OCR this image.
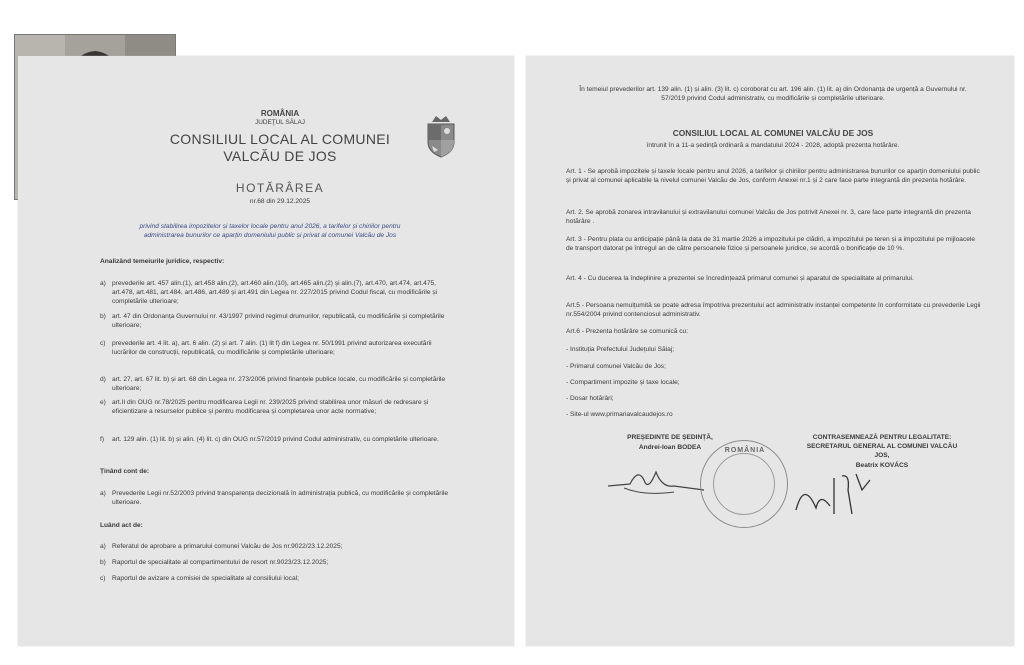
ROMÂNIA
JUDEŢUL SĂLAJ
CONSILIUL LOCAL AL COMUNEI
VALCĂU DE JOS
HOTĂRÂREA
nr.68 din 29.12.2025
privind stabilirea impozitelor și taxelor locale pentru anul 2026, a tarifelor și chiriilor pentru
administrarea bunurilor ce aparțin domeniului public și privat al comunei Valcău de Jos
Analizând temeiurile juridice, respectiv:
a) prevederile art. 457 alin.(1), art.458 alin.(2), art.460 alin.(10), art.465 alin.(2) și alin.(7), art.470, art.474, art.475, art.478, art.481, art.484, art.486, art.489 și art.491 din Legea nr. 227/2015 privind Codul fiscal, cu modificările și completările ulterioare;
b) art. 47 din Ordonanța Guvernului nr. 43/1997 privind regimul drumurilor, republicată, cu modificările și completările ulterioare;
c) prevederile art. 4 lit. a), art. 6 alin. (2) și art. 7 alin. (1) lit f) din Legea nr. 50/1991 privind autorizarea executării lucrărilor de construcții, republicată, cu modificările și completările ulterioare;
d) art. 27, art. 67 lit. b) și art. 68 din Legea nr. 273/2006 privind finanțele publice locale, cu modificările și completările ulterioare;
e) art.II din OUG nr.78/2025 pentru modificarea Legii nr. 239/2025 privind stabilirea unor măsuri de redresare și eficientizare a resurselor publice și pentru modificarea și completarea unor acte normative;
f) art. 129 alin. (1) lit. b) și alin. (4) lit. c) din OUG nr.57/2019 privind Codul administrativ, cu completările ulterioare.
Ținând cont de:
a) Prevederile Legii nr.52/2003 privind transparența decizională în administrația publică, cu modificările și completările ulterioare.
Luând act de:
a) Referatul de aprobare a primarului comunei Valcău de Jos nr.9022/23.12.2025;
b) Raportul de specialitate al compartimentului de resort nr.9023/23.12.2025;
c) Raportul de avizare a comisiei de specialitate al consiliului local;
În temeiul prevederilor art. 139 alin. (1) și alin. (3) lit. c) coroborat cu art. 196 alin. (1) lit. a) din Ordonanța de urgență a Guvernului nr. 57/2019 privind Codul administrativ, cu modificările și completările ulterioare.
CONSILIUL LOCAL AL COMUNEI VALCĂU DE JOS
întrunit în a 11-a ședință ordinară a mandatului 2024 - 2028, adoptă prezenta hotărâre.
Art. 1 - Se aprobă impozitele și taxele locale pentru anul 2026, a tarifelor și chiriilor pentru administrarea bunurilor ce aparțin domeniului public și privat al comunei aplicabile la nivelul comunei Valcău de Jos, conform Anexei nr.1 și 2 care face parte integrantă din prezenta hotărâre.
Art. 2. Se aprobă zonarea intravilanului și extravilanului comunei Valcău de Jos potrivit Anexei nr. 3, care face parte integrantă din prezenta hotărâre .
Art. 3 - Pentru plata cu anticipație până la data de 31 martie 2026 a impozitului pe clădiri, a impozitului pe teren și a impozitului pe mijloacele de transport datorat pe întregul an de către persoanele fizice și persoanele juridice, se acordă o bonificație de 10 %.
Art. 4 - Cu ducerea la îndeplinire a prezentei se încredințează primarul comunei și aparatul de specialitate al primarului.
Art.5 - Persoana nemulțumită se poate adresa împotriva prezentului act administrativ instanței competente în conformitate cu prevederile Legii nr.554/2004 privind contenciosul administrativ.
Art.6 - Prezenta hotărâre se comunică cu:
- Instituția Prefectului Județului Sălaj;
- Primarul comunei Valcău de Jos;
- Compartiment impozite și taxe locale;
- Dosar hotărâri;
- Site-ul www.primariavalcaudejos.ro
PREȘEDINTE DE ȘEDINȚĂ,
Andrei-Ioan BODEA
CONTRASEMNEAZĂ PENTRU LEGALITATE:
SECRETARUL GENERAL AL COMUNEI VALCĂU
JOS,
Beatrix KOVÁCS
ROMÂNIA
